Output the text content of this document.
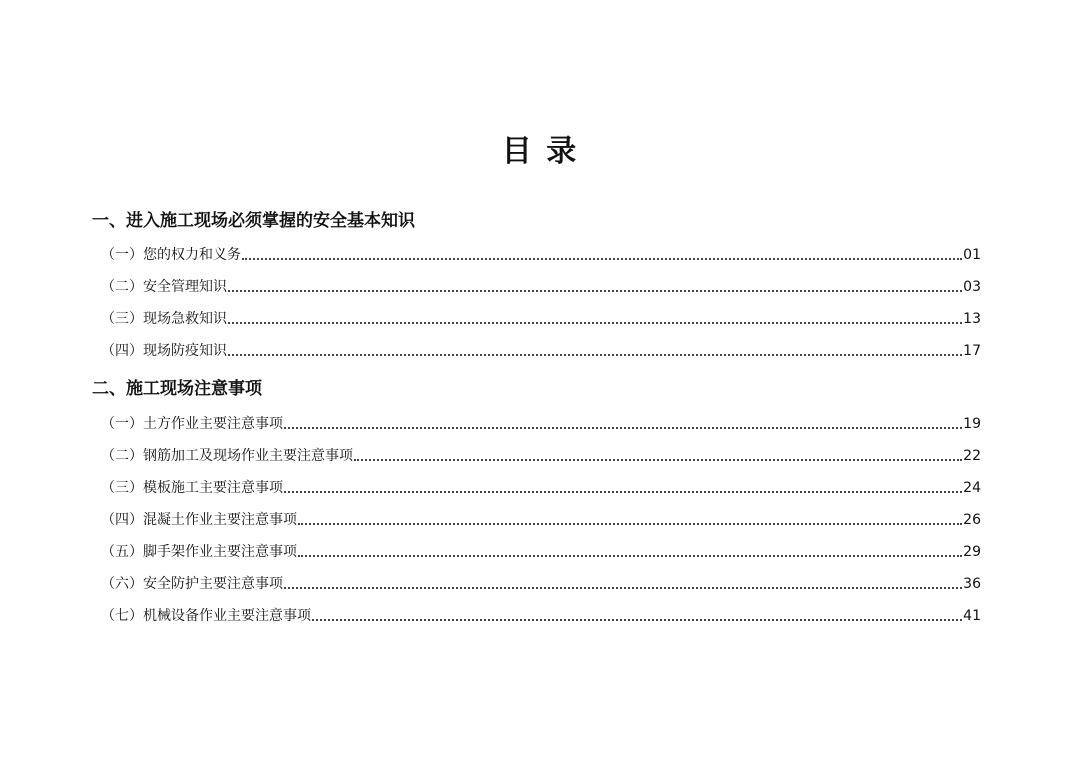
目 录
一、进入施工现场必须掌握的安全基本知识
（一）您的权力和义务	01
（二）安全管理知识	03
（三）现场急救知识	13
（四）现场防疫知识	17
二、施工现场注意事项
（一）土方作业主要注意事项	19
（二）钢筋加工及现场作业主要注意事项	22
（三）模板施工主要注意事项	24
（四）混凝土作业主要注意事项	26
（五）脚手架作业主要注意事项	29
（六）安全防护主要注意事项	36
（七）机械设备作业主要注意事项	41
